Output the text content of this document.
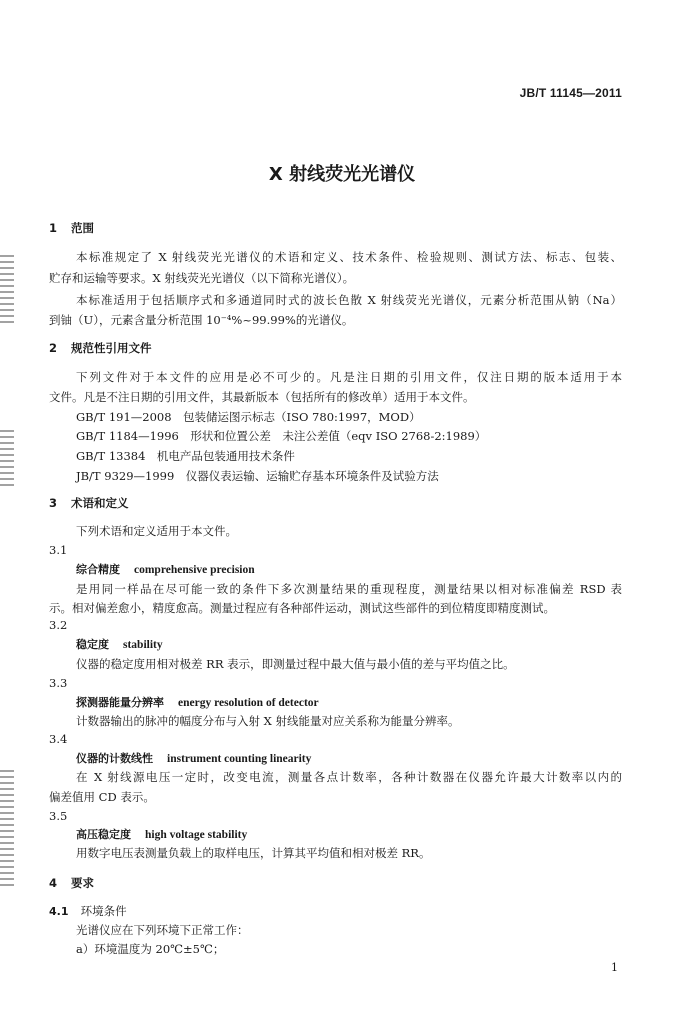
JB/T 11145—2011
X 射线荧光光谱仪
1 范围
本标准规定了 X 射线荧光光谱仪的术语和定义、技术条件、检验规则、测试方法、标志、包装、
贮存和运输等要求。X 射线荧光光谱仪（以下简称光谱仪）。
本标准适用于包括顺序式和多通道同时式的波长色散 X 射线荧光光谱仪，元素分析范围从钠（Na）
到铀（U），元素含量分析范围 10⁻⁴%~99.99%的光谱仪。
2 规范性引用文件
下列文件对于本文件的应用是必不可少的。凡是注日期的引用文件，仅注日期的版本适用于本
文件。凡是不注日期的引用文件，其最新版本（包括所有的修改单）适用于本文件。
GB/T 191—2008　包装储运图示标志（ISO 780:1997，MOD）
GB/T 1184—1996　形状和位置公差　未注公差值（eqv ISO 2768-2:1989）
GB/T 13384　机电产品包装通用技术条件
JB/T 9329—1999　仪器仪表运输、运输贮存基本环境条件及试验方法
3 术语和定义
下列术语和定义适用于本文件。
3.1
综合精度 comprehensive precision
是用同一样品在尽可能一致的条件下多次测量结果的重现程度，测量结果以相对标准偏差 RSD 表
示。相对偏差愈小，精度愈高。测量过程应有各种部件运动，测试这些部件的到位精度即精度测试。
3.2
稳定度 stability
仪器的稳定度用相对极差 RR 表示，即测量过程中最大值与最小值的差与平均值之比。
3.3
探测器能量分辨率 energy resolution of detector
计数器输出的脉冲的幅度分布与入射 X 射线能量对应关系称为能量分辨率。
3.4
仪器的计数线性 instrument counting linearity
在 X 射线源电压一定时，改变电流，测量各点计数率，各种计数器在仪器允许最大计数率以内的
偏差值用 CD 表示。
3.5
高压稳定度 high voltage stability
用数字电压表测量负载上的取样电压，计算其平均值和相对极差 RR。
4 要求
4.1 环境条件
光谱仪应在下列环境下正常工作：
a）环境温度为 20℃±5℃；
1
